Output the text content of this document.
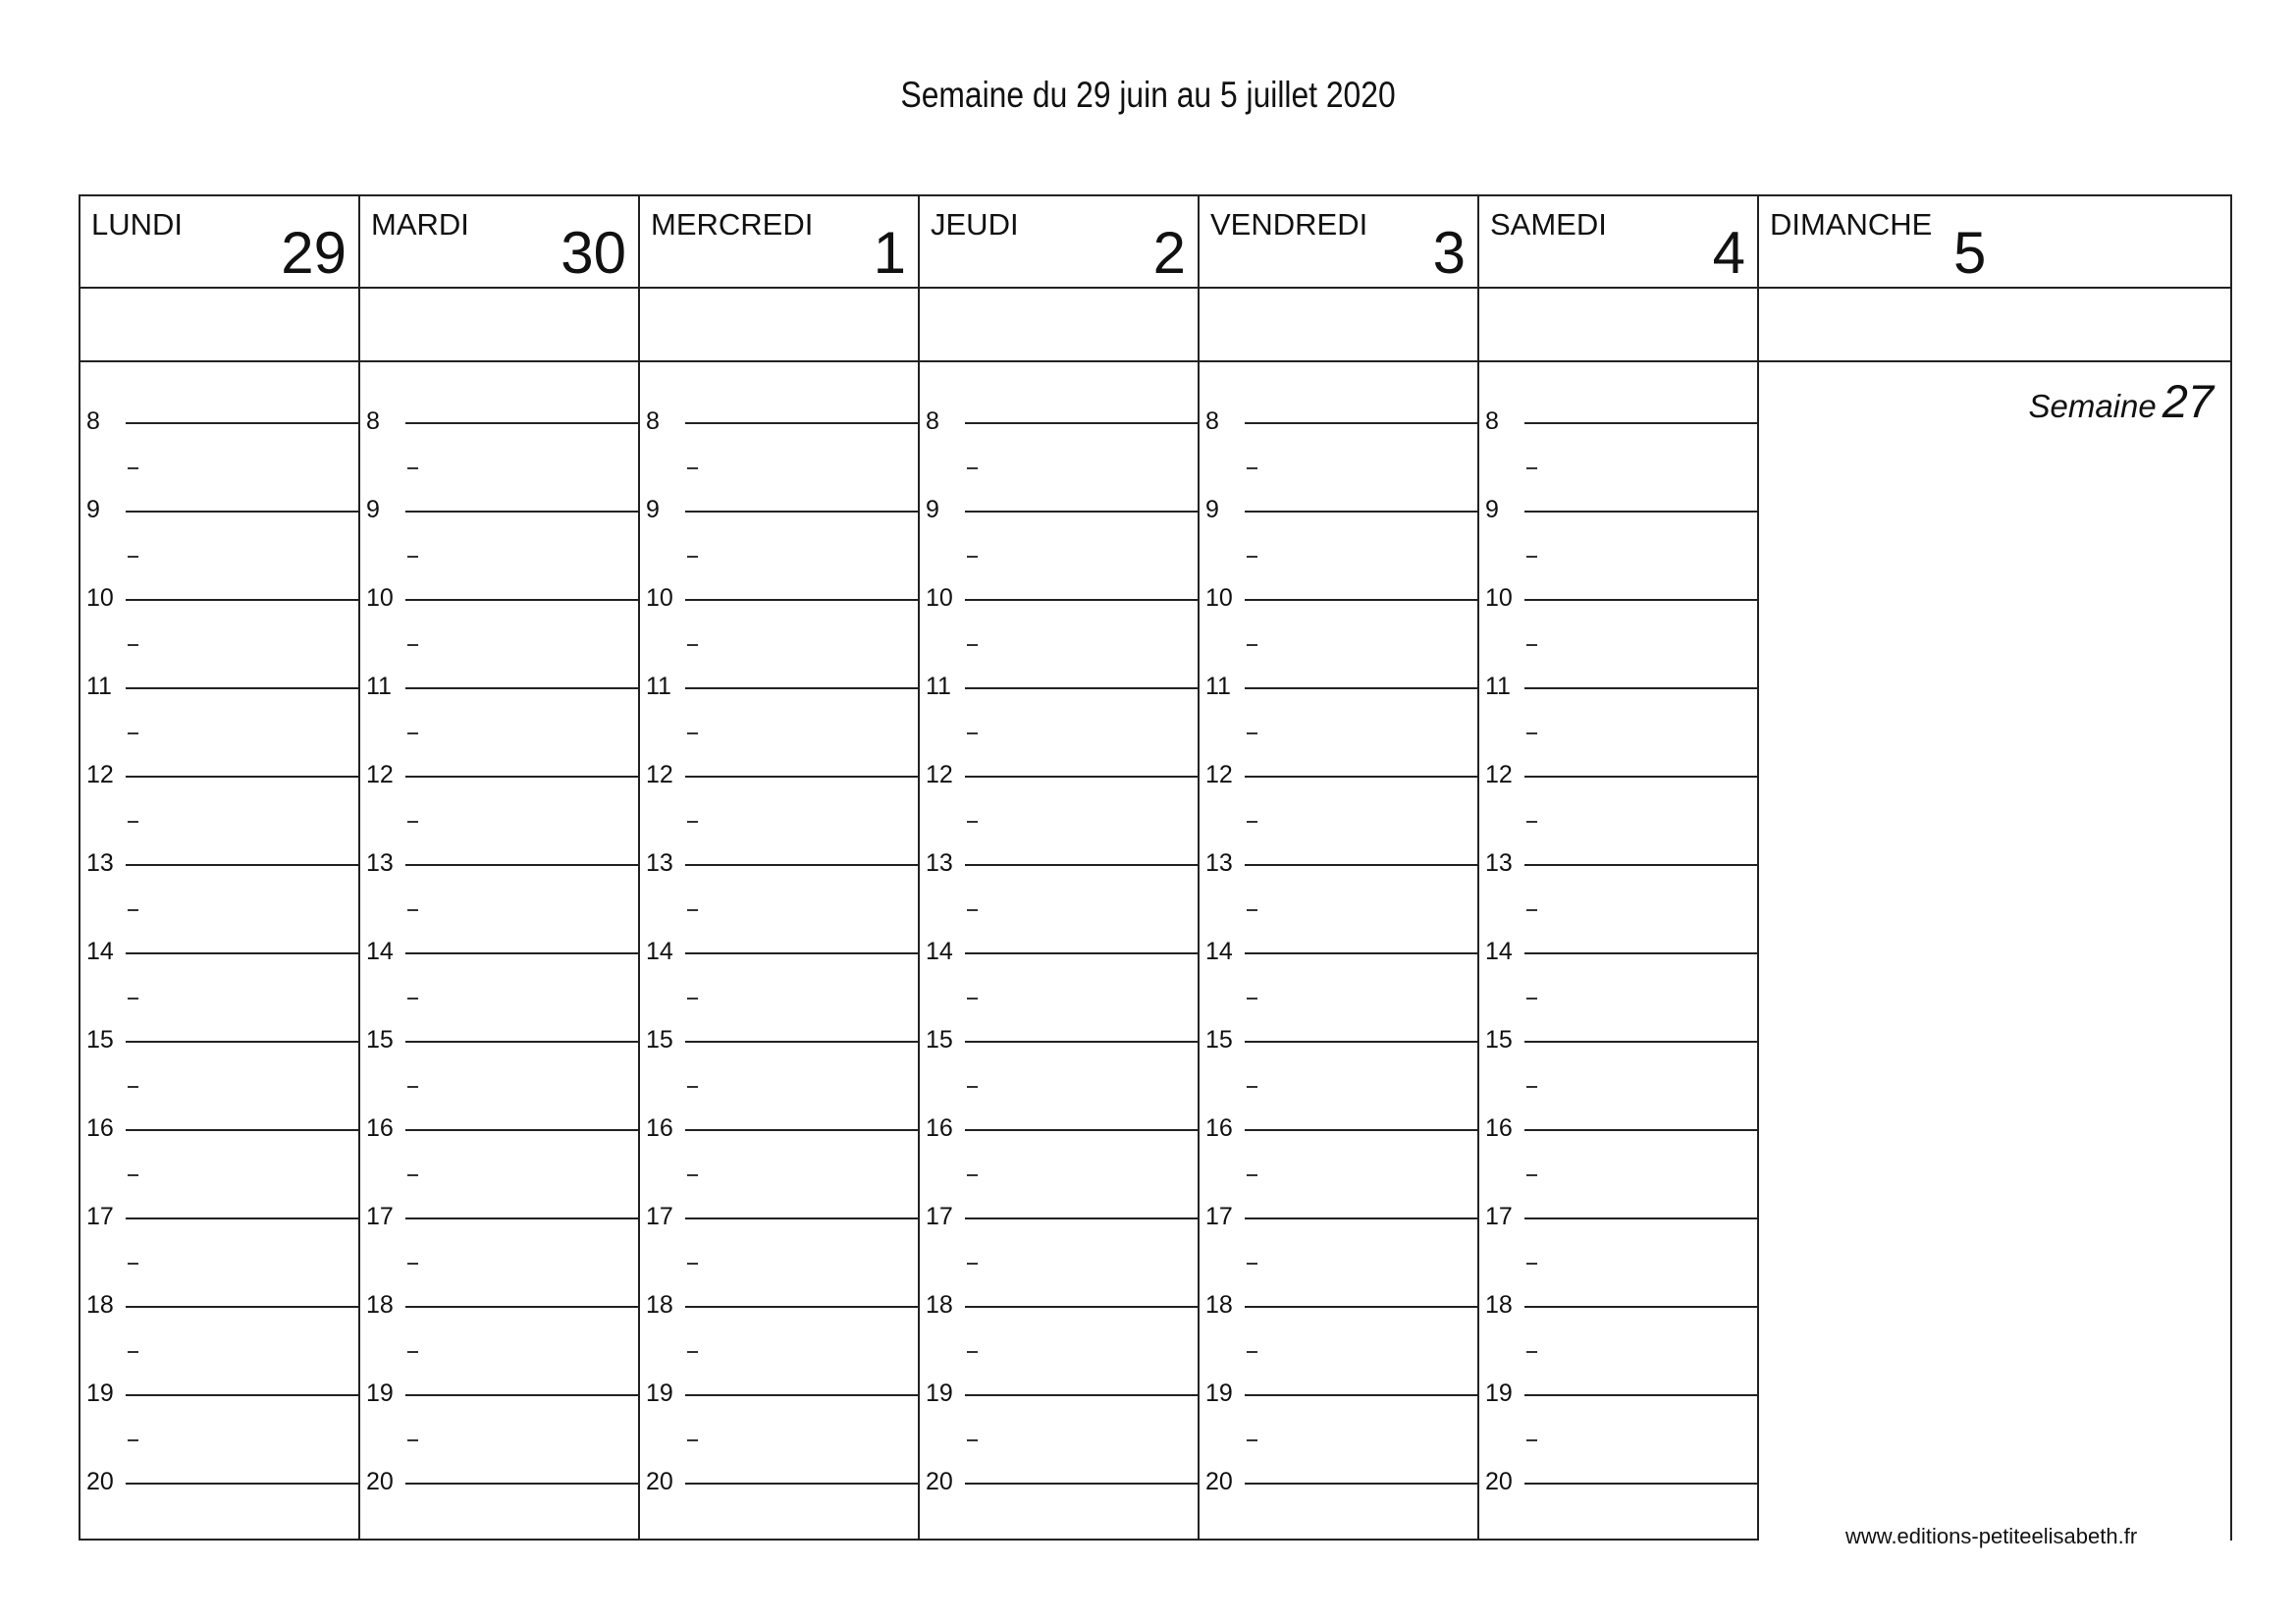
Semaine du 29 juin au 5 juillet 2020
LUNDI 29 MARDI 30 MERCREDI 1 JEUDI 2 VENDREDI 3 SAMEDI 4 DIMANCHE 5
8
9
10
11
12
13
14
15
16
17
18
19
20
8
9
10
11
12
13
14
15
16
17
18
19
20
8
9
10
11
12
13
14
15
16
17
18
19
20
8
9
10
11
12
13
14
15
16
17
18
19
20
8
9
10
11
12
13
14
15
16
17
18
19
20
8
9
10
11
12
13
14
15
16
17
18
19
20
Semaine 27
www.editions-petiteelisabeth.fr
